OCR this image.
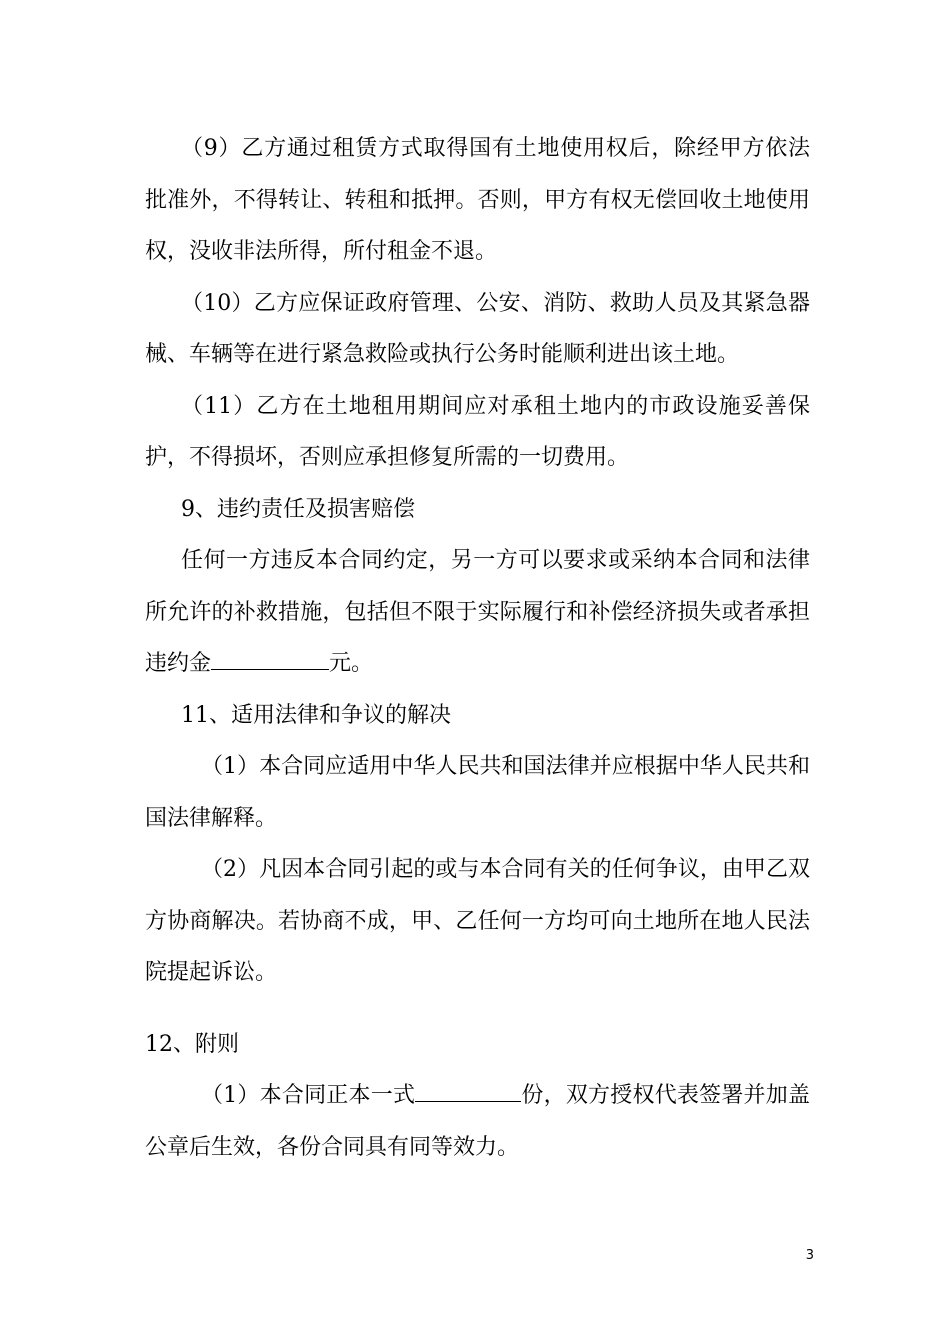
（9）乙方通过租赁方式取得国有土地使用权后，除经甲方依法批准外，不得转让、转租和抵押。否则，甲方有权无偿回收土地使用权，没收非法所得，所付租金不退。

（10）乙方应保证政府管理、公安、消防、救助人员及其紧急器械、车辆等在进行紧急救险或执行公务时能顺利进出该土地。

（11）乙方在土地租用期间应对承租土地内的市政设施妥善保护，不得损坏，否则应承担修复所需的一切费用。

9、违约责任及损害赔偿

任何一方违反本合同约定，另一方可以要求或采纳本合同和法律所允许的补救措施，包括但不限于实际履行和补偿经济损失或者承担违约金	元。

11、适用法律和争议的解决

（1）本合同应适用中华人民共和国法律并应根据中华人民共和国法律解释。

（2）凡因本合同引起的或与本合同有关的任何争议，由甲乙双方协商解决。若协商不成，甲、乙任何一方均可向土地所在地人民法院提起诉讼。

12、附则

（1）本合同正本一式	份，双方授权代表签署并加盖公章后生效，各份合同具有同等效力。

3
